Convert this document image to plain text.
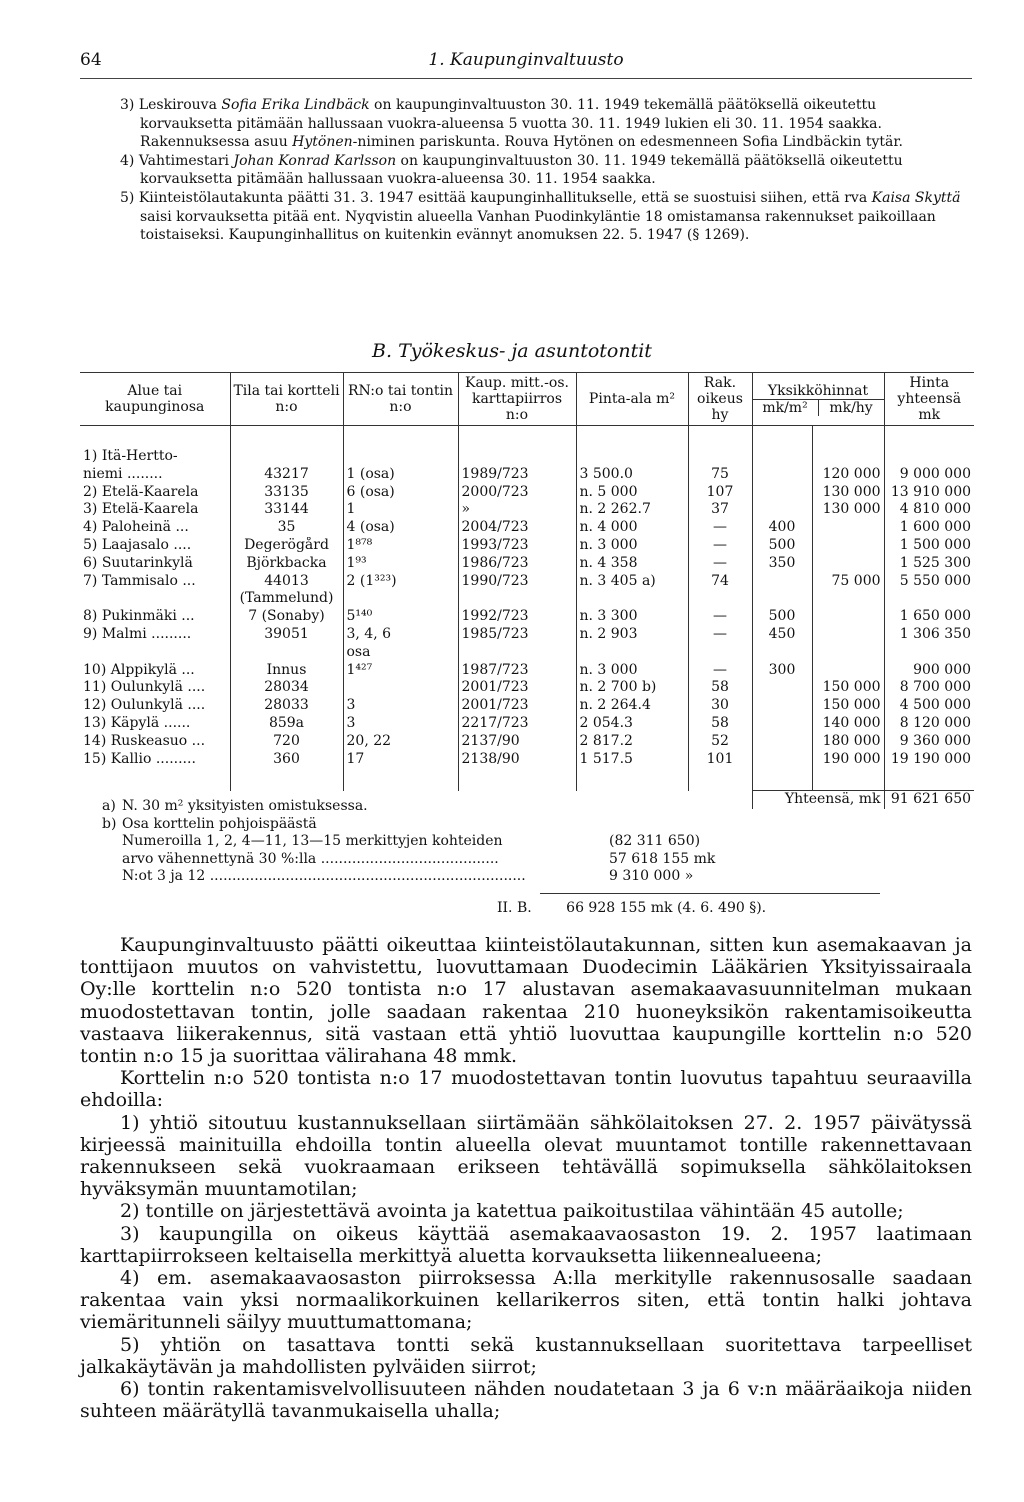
64	1. Kaupunginvaltuusto

3) Leskirouva Sofia Erika Lindbäck on kaupunginvaltuuston 30. 11. 1949 tekemällä päätöksellä oikeutettu korvauksetta pitämään hallussaan vuokra-alueensa 5 vuotta 30. 11. 1949 lukien eli 30. 11. 1954 saakka. Rakennuksessa asuu Hytönen-niminen pariskunta. Rouva Hytönen on edesmenneen Sofia Lindbäckin tytär.

4) Vahtimestari Johan Konrad Karlsson on kaupunginvaltuuston 30. 11. 1949 tekemällä päätöksellä oikeutettu korvauksetta pitämään hallussaan vuokra-alueensa 30. 11. 1954 saakka.

5) Kiinteistölautakunta päätti 31. 3. 1947 esittää kaupunginhallitukselle, että se suostuisi siihen, että rva Kaisa Skyttä saisi korvauksetta pitää ent. Nyqvistin alueella Vanhan Puodinkyläntie 18 omistamansa rakennukset paikoillaan toistaiseksi. Kaupunginhallitus on kuitenkin evännyt anomuksen 22. 5. 1947 (§ 1269).

B. Työkeskus- ja asuntotontit
Alue tai kaupunginosa	Tila tai kortteli n:o	RN:o tai tontin n:o	Kaup. mitt.-os. karttapiirros n:o	Pinta-ala m²	Rak. oikeus hy	Yksikköhinnat
mk/m² mk/hy		Hinta yhteensä mk

1) Itä-Hertto-								
niemi ........	43217	1 (osa)	1989/723	3 500.0	75		120 000	9 000 000
2) Etelä-Kaarela	33135	6 (osa)	2000/723	n. 5 000	107		130 000	13 910 000
3) Etelä-Kaarela	33144	1	»	n. 2 262.7	37		130 000	4 810 000
4) Paloheinä ...	35	4 (osa)	2004/723	n. 4 000	—	400		1 600 000
5) Laajasalo ....	Degerögård	1⁸⁷⁸	1993/723	n. 3 000	—	500		1 500 000
6) Suutarinkylä	Björkbacka	1⁹³	1986/723	n. 4 358	—	350		1 525 300
7) Tammisalo ...	44013	2 (1³²³)	1990/723	n. 3 405 a)	74		75 000	5 550 000
	(Tammelund)							
8) Pukinmäki ...	7 (Sonaby)	5¹⁴⁰	1992/723	n. 3 300	—	500		1 650 000
9) Malmi .........	39051	3, 4, 6	1985/723	n. 2 903	—	450		1 306 350
		osa						
10) Alppikylä ...	Innus	1⁴²⁷	1987/723	n. 3 000	—	300		900 000
11) Oulunkylä ....	28034		2001/723	n. 2 700 b)	58		150 000	8 700 000
12) Oulunkylä ....	28033	3	2001/723	n. 2 264.4	30		150 000	4 500 000
13) Käpylä ......	859a	3	2217/723	2 054.3	58		140 000	8 120 000
14) Ruskeasuo ...	720	20, 22	2137/90	2 817.2	52		180 000	9 360 000
15) Kallio .........	360	17	2138/90	1 517.5	101		190 000	19 190 000

						Yhteensä, mk		91 621 650
a) N. 30 m² yksityisten omistuksessa.
b) Osa korttelin pohjoispäästä
Numeroilla 1, 2, 4—11, 13—15 merkittyjen kohteiden	(82 311 650)
arvo vähennettynä 30 %:lla ........................................	57 618 155 mk
N:ot 3 ja 12 .......................................................................	9 310 000 »
II. B. 66 928 155 mk (4. 6. 490 §).

Kaupunginvaltuusto päätti oikeuttaa kiinteistölautakunnan, sitten kun asemakaavan ja tonttijaon muutos on vahvistettu, luovuttamaan Duodecimin Lääkärien Yksityissairaala Oy:lle korttelin n:o 520 tontista n:o 17 alustavan asemakaavasuunnitelman mukaan muodostettavan tontin, jolle saadaan rakentaa 210 huoneyksikön rakentamisoikeutta vastaava liikerakennus, sitä vastaan että yhtiö luovuttaa kaupungille korttelin n:o 520 tontin n:o 15 ja suorittaa välirahana 48 mmk.

Korttelin n:o 520 tontista n:o 17 muodostettavan tontin luovutus tapahtuu seuraavilla ehdoilla:

1) yhtiö sitoutuu kustannuksellaan siirtämään sähkölaitoksen 27. 2. 1957 päivätyssä kirjeessä mainituilla ehdoilla tontin alueella olevat muuntamot tontille rakennettavaan rakennukseen sekä vuokraamaan erikseen tehtävällä sopimuksella sähkölaitoksen hyväksymän muuntamotilan;

2) tontille on järjestettävä avointa ja katettua paikoitustilaa vähintään 45 autolle;

3) kaupungilla on oikeus käyttää asemakaavaosaston 19. 2. 1957 laatimaan karttapiirrokseen keltaisella merkittyä aluetta korvauksetta liikennealueena;

4) em. asemakaavaosaston piirroksessa A:lla merkitylle rakennusosalle saadaan rakentaa vain yksi normaalikorkuinen kellarikerros siten, että tontin halki johtava viemäritunneli säilyy muuttumattomana;

5) yhtiön on tasattava tontti sekä kustannuksellaan suoritettava tarpeelliset jalkakäytävän ja mahdollisten pylväiden siirrot;

6) tontin rakentamisvelvollisuuteen nähden noudatetaan 3 ja 6 v:n määräaikoja niiden suhteen määrätyllä tavanmukaisella uhalla;
